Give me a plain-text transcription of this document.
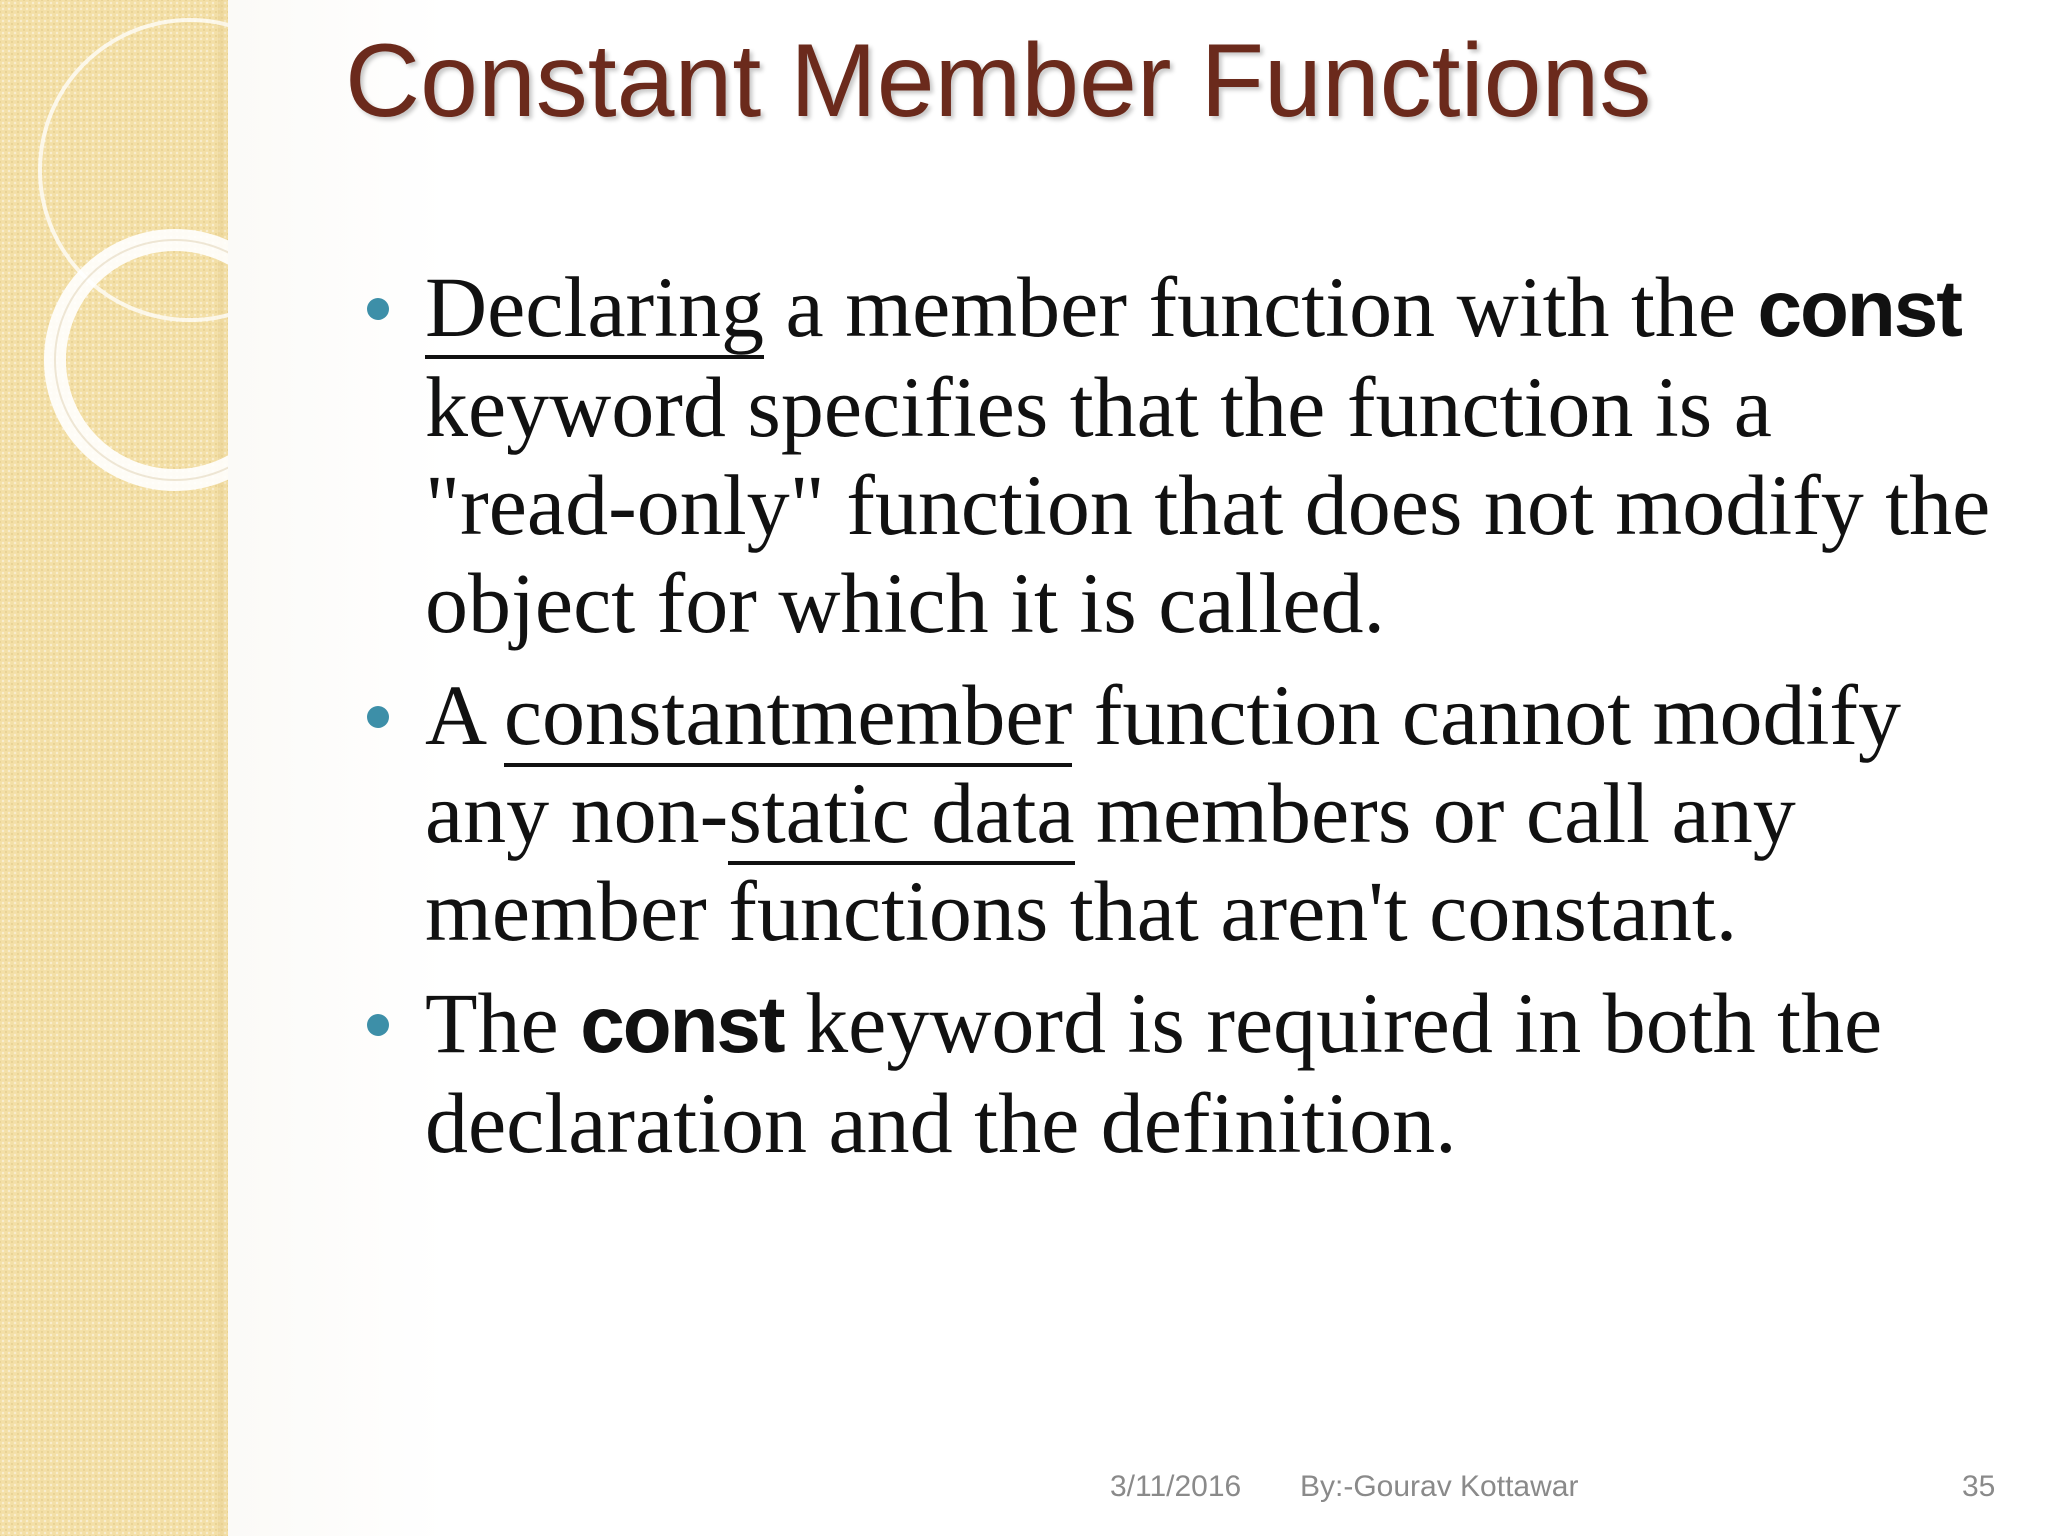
Constant Member Functions
Declaring a member function with the const keyword specifies that the function is a "read-only" function that does not modify the object for which it is called.
A constantmember function cannot modify any non-static data members or call any member functions that aren't constant.
The const keyword is required in both the declaration and the definition.
3/11/2016 By:-Gourav Kottawar	35
